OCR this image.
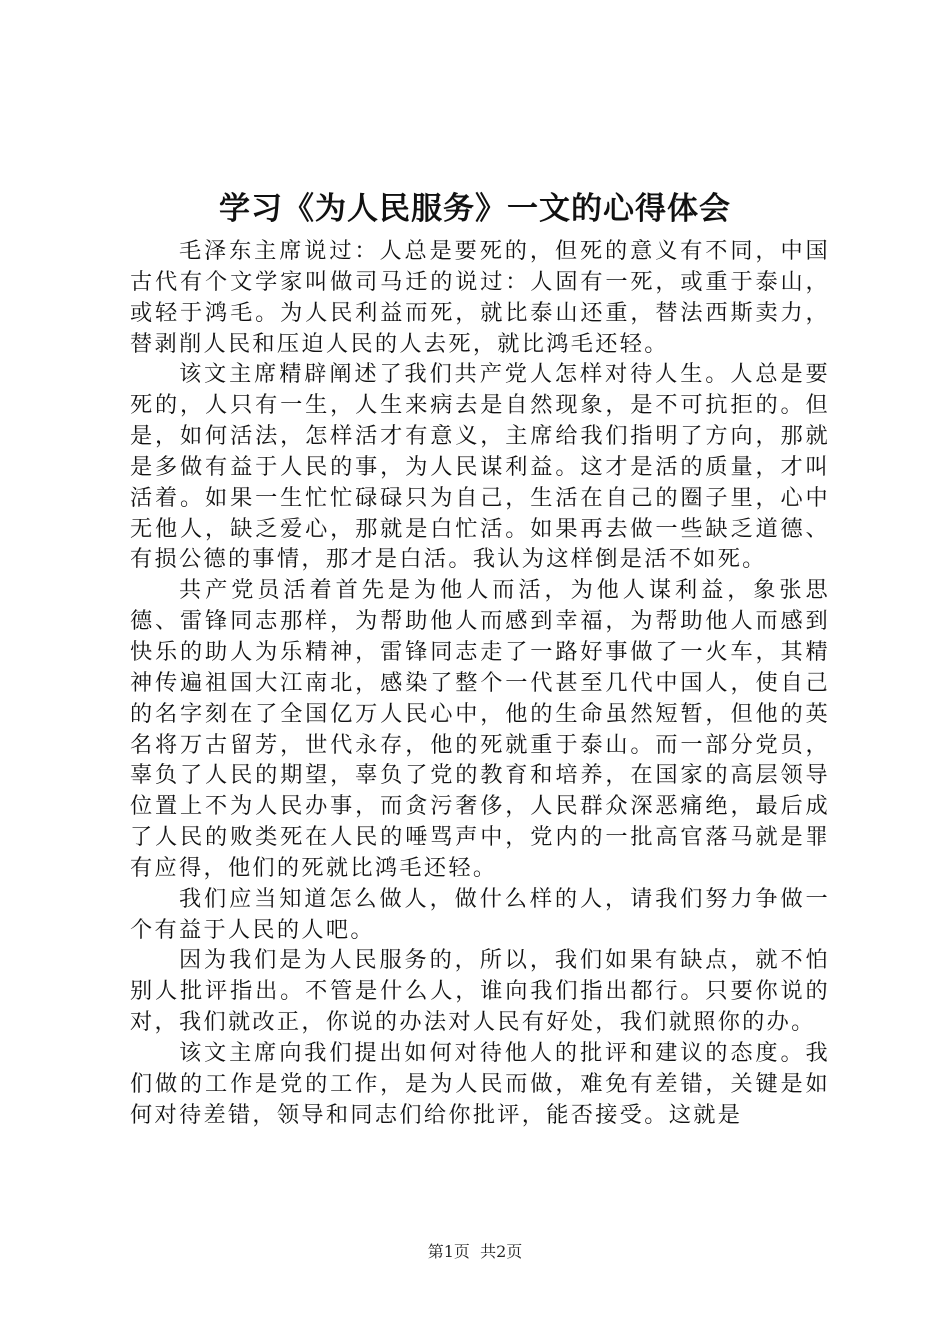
学习《为人民服务》一文的心得体会

毛泽东主席说过：人总是要死的，但死的意义有不同，中国古代有个文学家叫做司马迁的说过：人固有一死，或重于泰山，或轻于鸿毛。为人民利益而死，就比泰山还重，替法西斯卖力，替剥削人民和压迫人民的人去死，就比鸿毛还轻。

该文主席精辟阐述了我们共产党人怎样对待人生。人总是要死的，人只有一生，人生来病去是自然现象，是不可抗拒的。但是，如何活法，怎样活才有意义，主席给我们指明了方向，那就是多做有益于人民的事，为人民谋利益。这才是活的质量，才叫活着。如果一生忙忙碌碌只为自己，生活在自己的圈子里，心中无他人，缺乏爱心，那就是白忙活。如果再去做一些缺乏道德、有损公德的事情，那才是白活。我认为这样倒是活不如死。

共产党员活着首先是为他人而活，为他人谋利益，象张思德、雷锋同志那样，为帮助他人而感到幸福，为帮助他人而感到快乐的助人为乐精神，雷锋同志走了一路好事做了一火车，其精神传遍祖国大江南北，感染了整个一代甚至几代中国人，使自己的名字刻在了全国亿万人民心中，他的生命虽然短暂，但他的英名将万古留芳，世代永存，他的死就重于泰山。而一部分党员，辜负了人民的期望，辜负了党的教育和培养，在国家的高层领导位置上不为人民办事，而贪污奢侈，人民群众深恶痛绝，最后成了人民的败类死在人民的唾骂声中，党内的一批高官落马就是罪有应得，他们的死就比鸿毛还轻。

我们应当知道怎么做人，做什么样的人，请我们努力争做一个有益于人民的人吧。

因为我们是为人民服务的，所以，我们如果有缺点，就不怕别人批评指出。不管是什么人，谁向我们指出都行。只要你说的对，我们就改正，你说的办法对人民有好处，我们就照你的办。

该文主席向我们提出如何对待他人的批评和建议的态度。我们做的工作是党的工作，是为人民而做，难免有差错，关键是如何对待差错，领导和同志们给你批评，能否接受。这就是

第1页 共2页
